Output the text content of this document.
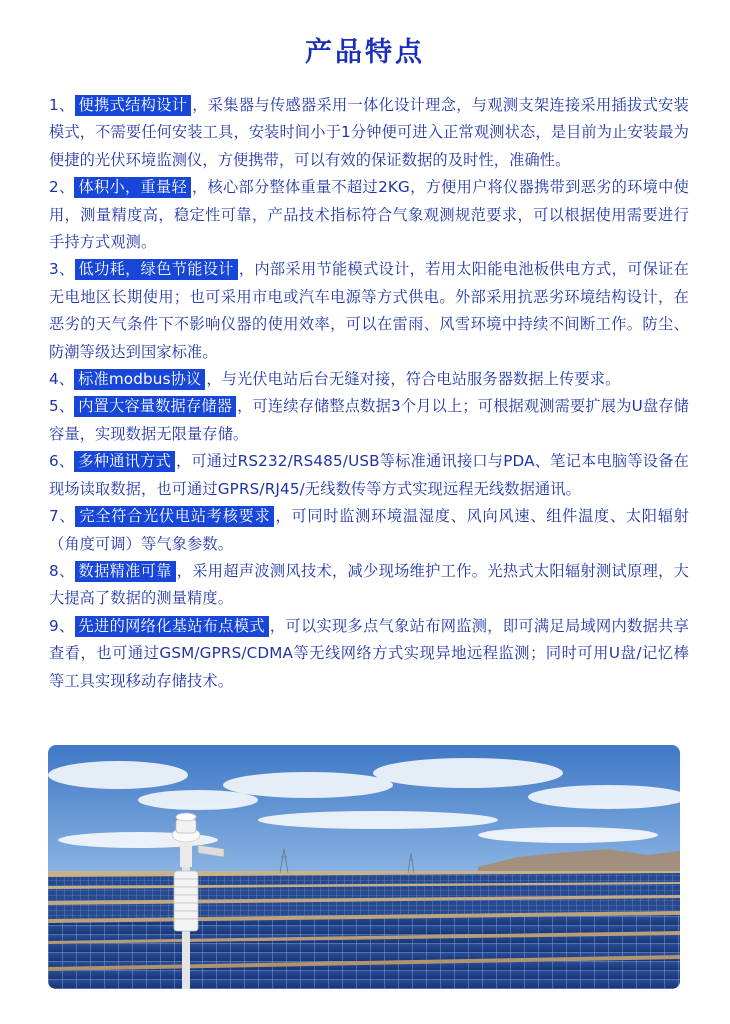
产品特点
1、 便携式结构设计 ，采集器与传感器采用一体化设计理念，与观测支架连接采用插拔式安装模式，不需要任何安装工具，安装时间小于1分钟便可进入正常观测状态，是目前为止安装最为便捷的光伏环境监测仪，方便携带，可以有效的保证数据的及时性，准确性。
2、 体积小，重量轻 ，核心部分整体重量不超过2KG，方便用户将仪器携带到恶劣的环境中使用，测量精度高，稳定性可靠，产品技术指标符合气象观测规范要求，可以根据使用需要进行手持方式观测。
3、 低功耗，绿色节能设计 ，内部采用节能模式设计，若用太阳能电池板供电方式，可保证在无电地区长期使用；也可采用市电或汽车电源等方式供电。外部采用抗恶劣环境结构设计，在恶劣的天气条件下不影响仪器的使用效率，可以在雷雨、风雪环境中持续不间断工作。防尘、防潮等级达到国家标准。
4、 标准modbus协议 ，与光伏电站后台无缝对接，符合电站服务器数据上传要求。
5、 内置大容量数据存储器 ，可连续存储整点数据3个月以上；可根据观测需要扩展为U盘存储容量，实现数据无限量存储。
6、 多种通讯方式 ，可通过RS232/RS485/USB等标准通讯接口与PDA、笔记本电脑等设备在现场读取数据，也可通过GPRS/RJ45/无线数传等方式实现远程无线数据通讯。
7、 完全符合光伏电站考核要求 ，可同时监测环境温湿度、风向风速、组件温度、太阳辐射（角度可调）等气象参数。
8、 数据精准可靠 ，采用超声波测风技术，减少现场维护工作。光热式太阳辐射测试原理，大大提高了数据的测量精度。
9、 先进的网络化基站布点模式 ，可以实现多点气象站布网监测，即可满足局域网内数据共享查看，也可通过GSM/GPRS/CDMA等无线网络方式实现异地远程监测；同时可用U盘/记忆棒等工具实现移动存储技术。
